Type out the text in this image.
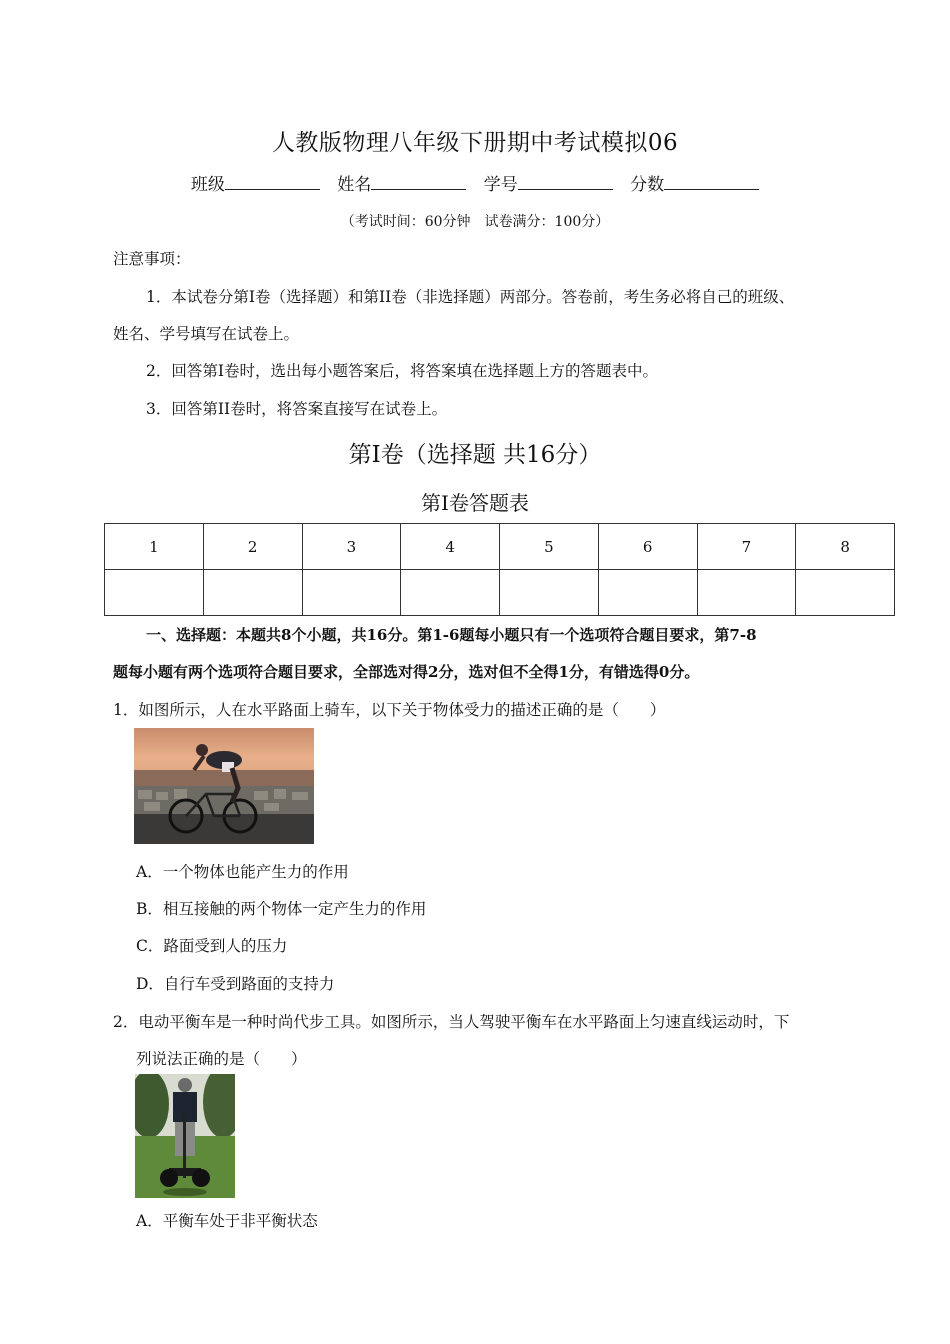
人教版物理八年级下册期中考试模拟06
班级	姓名	学号	分数
（考试时间：60分钟　试卷满分：100分）
注意事项：
1．本试卷分第I卷（选择题）和第II卷（非选择题）两部分。答卷前，考生务必将自己的班级、
姓名、学号填写在试卷上。
2．回答第I卷时，选出每小题答案后，将答案填在选择题上方的答题表中。
3．回答第II卷时，将答案直接写在试卷上。
第I卷（选择题 共16分）
第I卷答题表
1	2	3	4	5	6	7	8

一、选择题：本题共8个小题，共16分。第1-6题每小题只有一个选项符合题目要求，第7-8
题每小题有两个选项符合题目要求，全部选对得2分，选对但不全得1分，有错选得0分。
1．如图所示，人在水平路面上骑车，以下关于物体受力的描述正确的是（　　）
A．一个物体也能产生力的作用
B．相互接触的两个物体一定产生力的作用
C．路面受到人的压力
D．自行车受到路面的支持力
2．电动平衡车是一种时尚代步工具。如图所示，当人驾驶平衡车在水平路面上匀速直线运动时，下
列说法正确的是（　　）
A．平衡车处于非平衡状态
